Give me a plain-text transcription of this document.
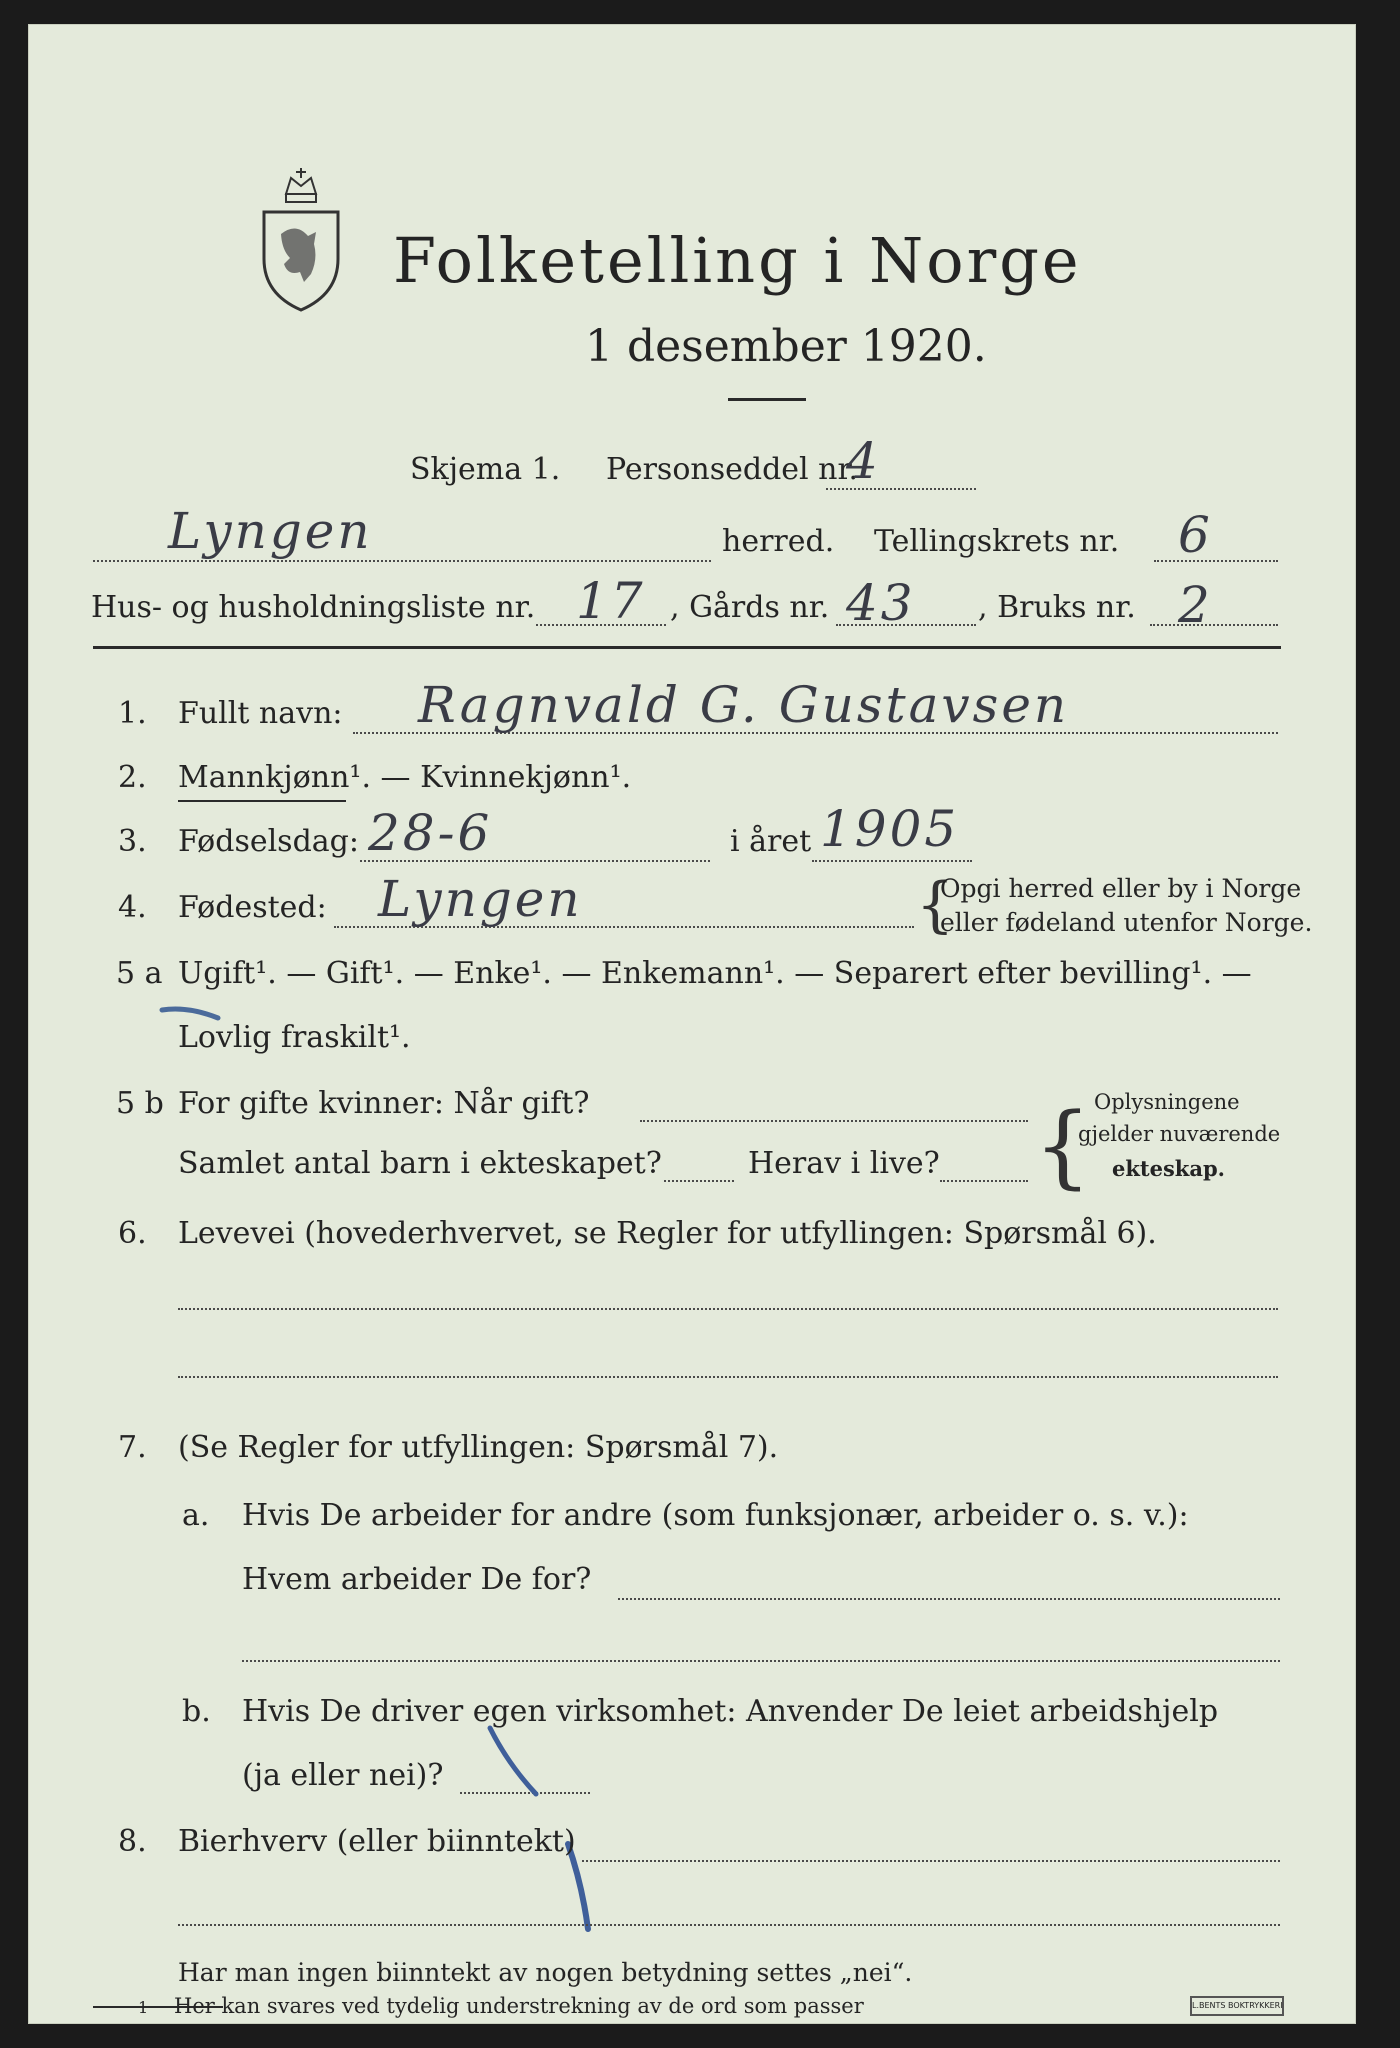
Folketelling i Norge
1 desember 1920.
Skjema 1. Personseddel nr.
4
Lyngen	herred. Tellingskrets nr. 6
Hus- og husholdningsliste nr. 17 , Gårds nr. 43 , Bruks nr. 2
1. Fullt navn: Ragnvald G. Gustavsen
2. Mannkjønn¹. — Kvinnekjønn¹.
3. Fødselsdag: 28-6	i året 1905
4. Fødested: Lyngen	{
Opgi herred eller by i Norge
eller fødeland utenfor Norge.
5 a Ugift¹. — Gift¹. — Enke¹. — Enkemann¹. — Separert efter bevilling¹. —
Lovlig fraskilt¹.
5 b For gifte kvinner: Når gift?
Samlet antal barn i ekteskapet?	Herav i live? { Oplysningene
gjelder nuværende
ekteskap.
6. Levevei (hovederhvervet, se Regler for utfyllingen: Spørsmål 6).
7. (Se Regler for utfyllingen: Spørsmål 7).
a. Hvis De arbeider for andre (som funksjonær, arbeider o. s. v.):
Hvem arbeider De for?
b. Hvis De driver egen virksomhet: Anvender De leiet arbeidshjelp
(ja eller nei)?
8. Bierhverv (eller biinntekt)
Har man ingen biinntekt av nogen betydning settes „nei“.
1 Her kan svares ved tydelig understrekning av de ord som passer	L.BENTS BOKTRYKKERI
